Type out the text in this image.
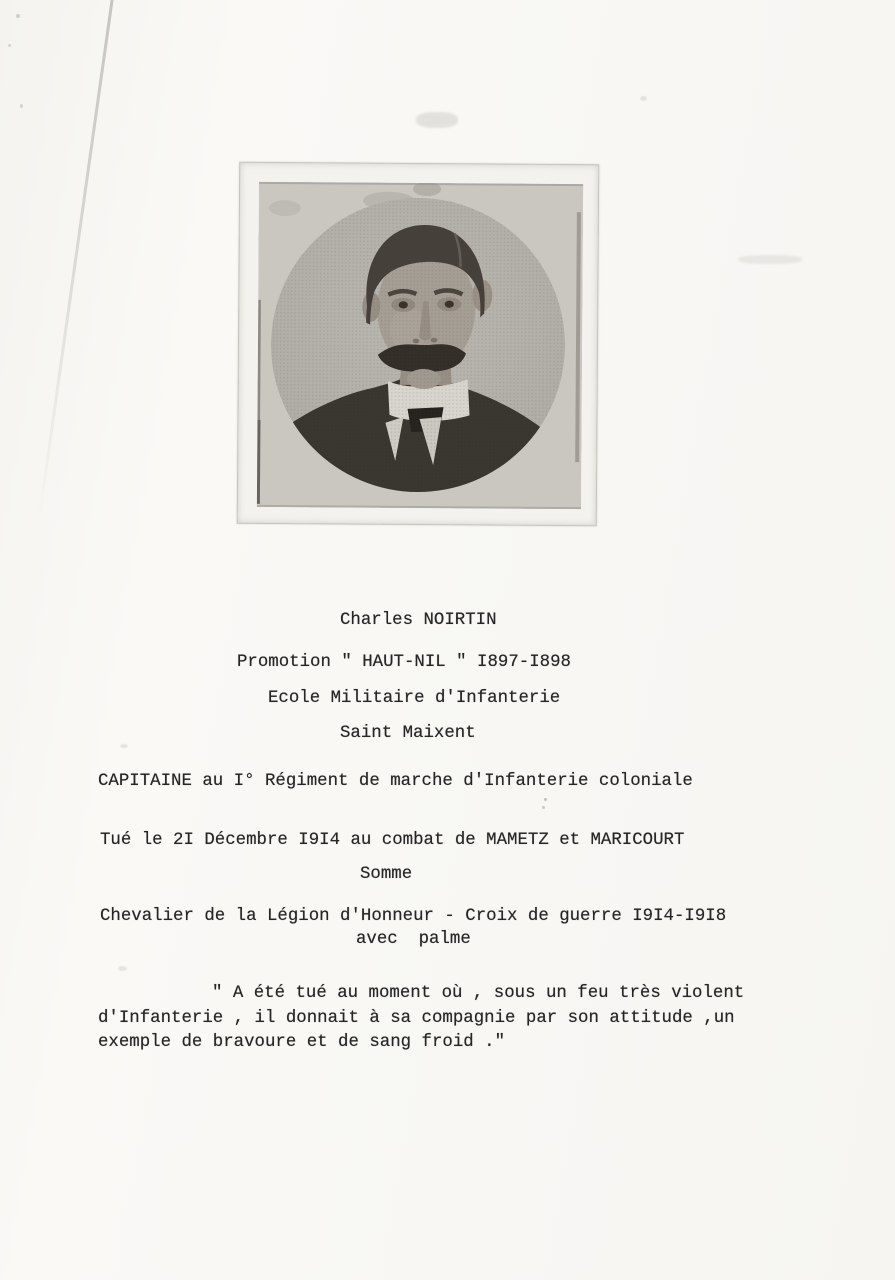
Charles NOIRTIN
Promotion " HAUT-NIL " I897-I898
Ecole Militaire d'Infanterie
Saint Maixent
CAPITAINE au I° Régiment de marche d'Infanterie coloniale
Tué le 2I Décembre I9I4 au combat de MAMETZ et MARICOURT
Somme
Chevalier de la Légion d'Honneur - Croix de guerre I9I4-I9I8
avec  palme
" A été tué au moment où , sous un feu très violent
d'Infanterie , il donnait à sa compagnie par son attitude ,un
exemple de bravoure et de sang froid ."
